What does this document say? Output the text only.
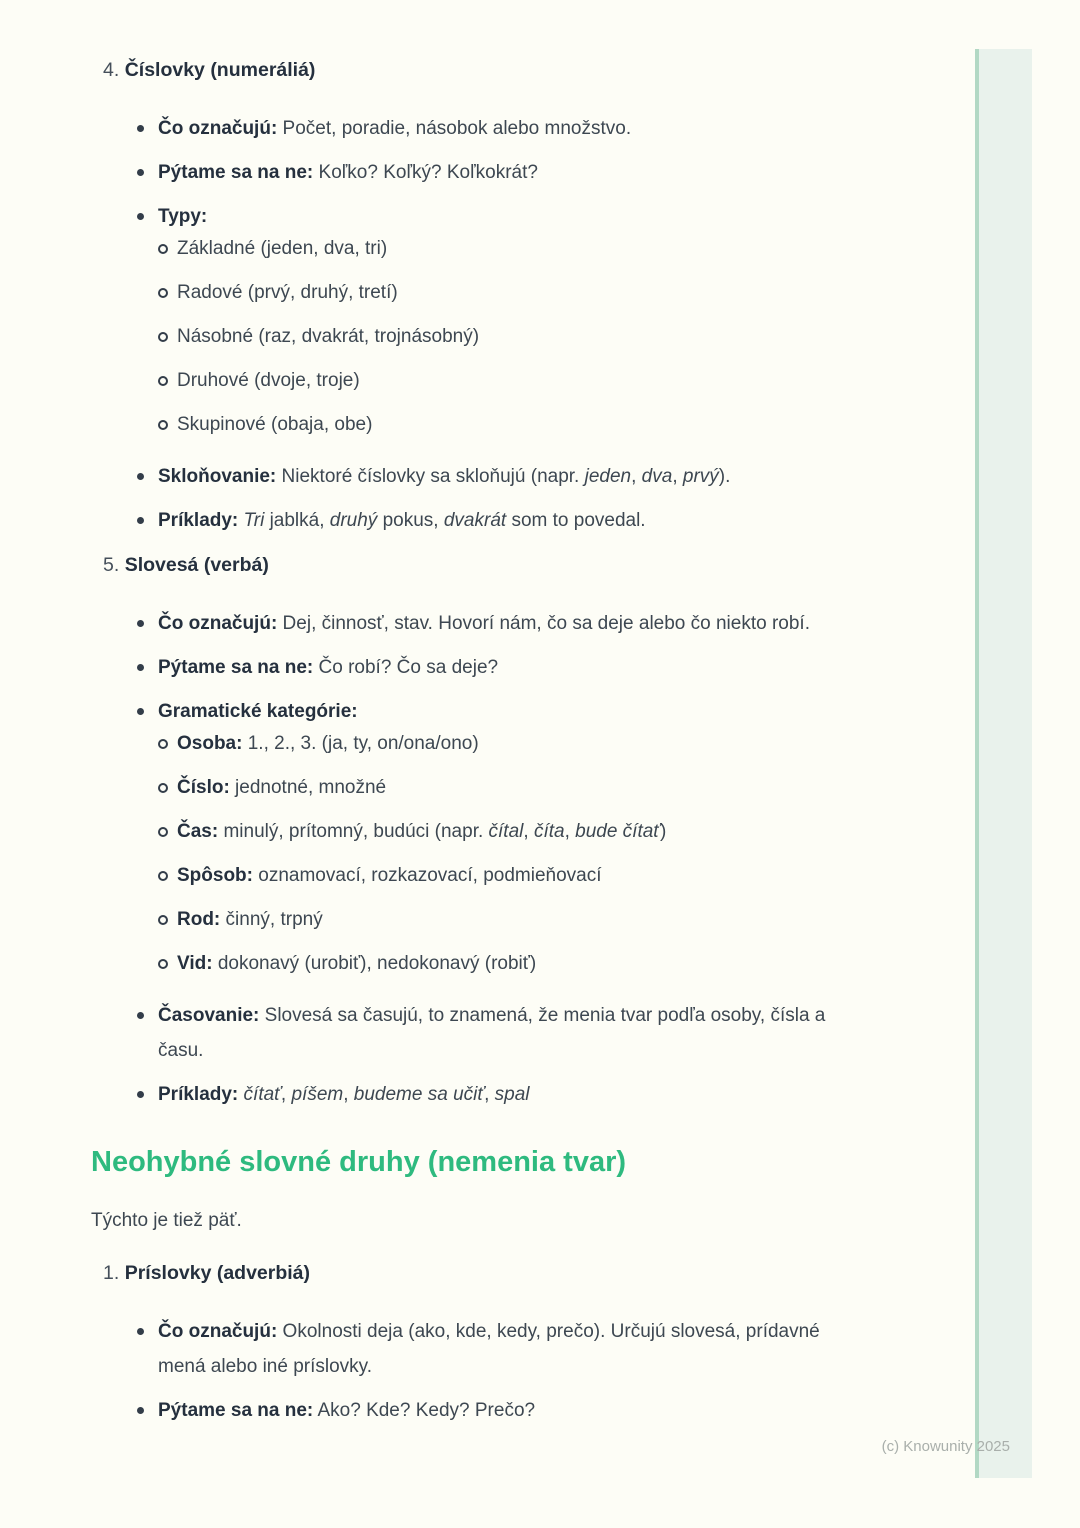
4. Číslovky (numeráliá)
Čo označujú: Počet, poradie, násobok alebo množstvo.
Pýtame sa na ne: Koľko? Koľký? Koľkokrát?
Typy:
Základné (jeden, dva, tri)
Radové (prvý, druhý, tretí)
Násobné (raz, dvakrát, trojnásobný)
Druhové (dvoje, troje)
Skupinové (obaja, obe)
Skloňovanie: Niektoré číslovky sa skloňujú (napr. jeden, dva, prvý).
Príklady: Tri jablká, druhý pokus, dvakrát som to povedal.
5. Slovesá (verbá)
Čo označujú: Dej, činnosť, stav. Hovorí nám, čo sa deje alebo čo niekto robí.
Pýtame sa na ne: Čo robí? Čo sa deje?
Gramatické kategórie:
Osoba: 1., 2., 3. (ja, ty, on/ona/ono)
Číslo: jednotné, množné
Čas: minulý, prítomný, budúci (napr. čítal, číta, bude čítať)
Spôsob: oznamovací, rozkazovací, podmieňovací
Rod: činný, trpný
Vid: dokonavý (urobiť), nedokonavý (robiť)
Časovanie: Slovesá sa časujú, to znamená, že menia tvar podľa osoby, čísla a času.
Príklady: čítať, píšem, budeme sa učiť, spal
Neohybné slovné druhy (nemenia tvar)
Týchto je tiež päť.
1. Príslovky (adverbiá)
Čo označujú: Okolnosti deja (ako, kde, kedy, prečo). Určujú slovesá, prídavné mená alebo iné príslovky.
Pýtame sa na ne: Ako? Kde? Kedy? Prečo?
(c) Knowunity 2025
